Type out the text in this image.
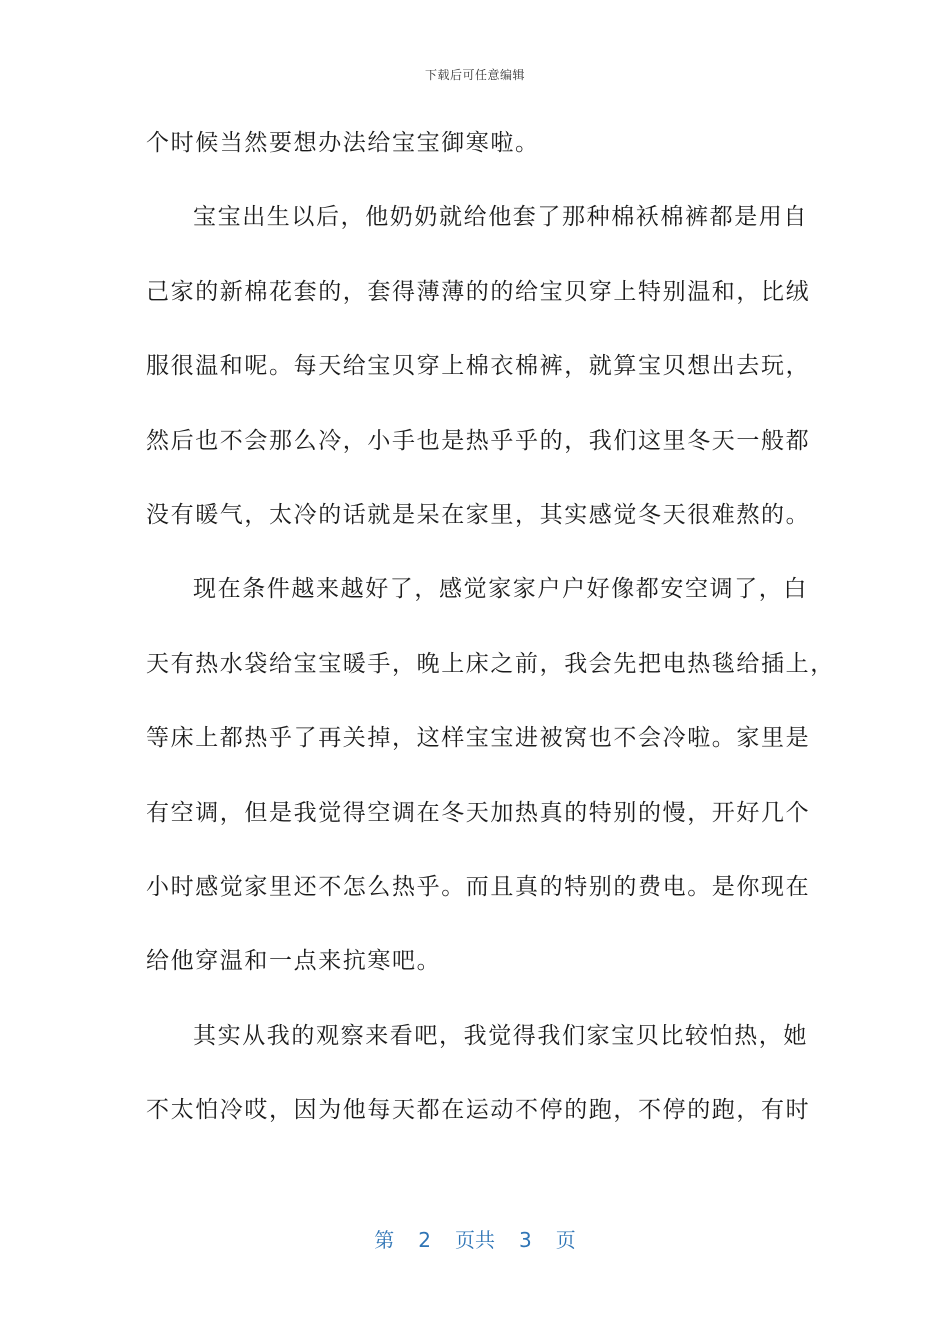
下载后可任意编辑
个时候当然要想办法给宝宝御寒啦。
宝宝出生以后，他奶奶就给他套了那种棉袄棉裤都是用自
己家的新棉花套的，套得薄薄的的给宝贝穿上特别温和，比绒
服很温和呢。每天给宝贝穿上棉衣棉裤，就算宝贝想出去玩，
然后也不会那么冷，小手也是热乎乎的，我们这里冬天一般都
没有暖气，太冷的话就是呆在家里，其实感觉冬天很难熬的。
现在条件越来越好了，感觉家家户户好像都安空调了，白
天有热水袋给宝宝暖手，晚上床之前，我会先把电热毯给插上，
等床上都热乎了再关掉，这样宝宝进被窝也不会冷啦。家里是
有空调，但是我觉得空调在冬天加热真的特别的慢，开好几个
小时感觉家里还不怎么热乎。而且真的特别的费电。是你现在
给他穿温和一点来抗寒吧。
其实从我的观察来看吧，我觉得我们家宝贝比较怕热，她
不太怕冷哎，因为他每天都在运动不停的跑，不停的跑，有时
第 2 页共 3 页
